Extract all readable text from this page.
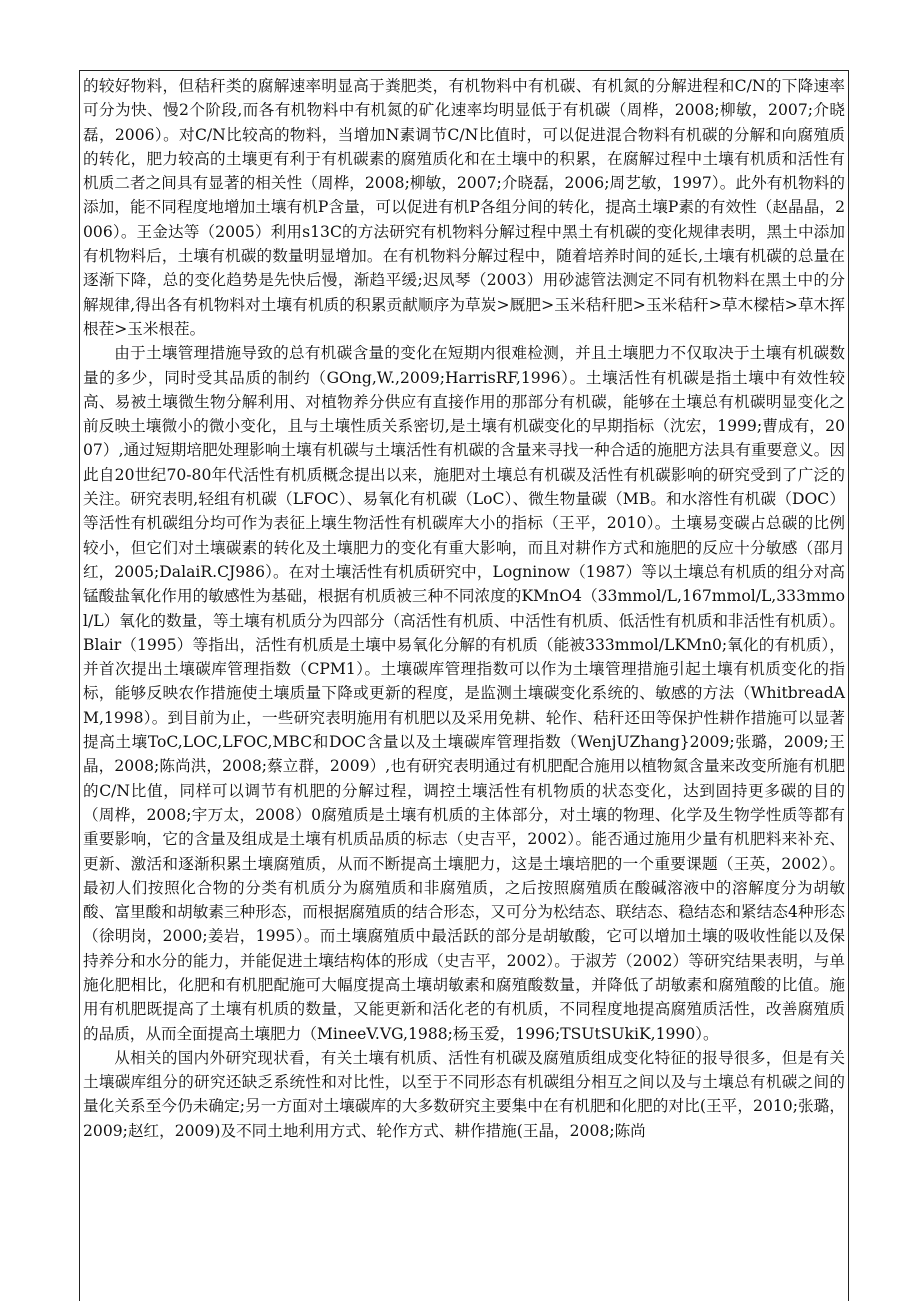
的较好物料，但秸秆类的腐解速率明显高于粪肥类，有机物料中有机碳、有机氮的分解进程和C/N的下降速率可分为快、慢2个阶段,而各有机物料中有机氮的矿化速率均明显低于有机碳（周桦，2008;柳敏，2007;介晓磊，2006）。对C/N比较高的物料，当增加N素调节C/N比值时，可以促进混合物料有机碳的分解和向腐殖质的转化，肥力较高的土壤更有利于有机碳素的腐殖质化和在土壤中的积累，在腐解过程中土壤有机质和活性有机质二者之间具有显著的相关性（周桦，2008;柳敏，2007;介晓磊，2006;周艺敏，1997）。此外有机物料的添加，能不同程度地增加土壤有机P含量，可以促进有机P各组分间的转化，提高土壤P素的有效性（赵晶晶，2006）。王金达等（2005）利用s13C的方法研究有机物料分解过程中黑土有机碳的变化规律表明，黑土中添加有机物料后，土壤有机碳的数量明显增加。在有机物料分解过程中，随着培养时间的延长,土壤有机碳的总量在逐渐下降，总的变化趋势是先快后慢，渐趋平缓;迟凤琴（2003）用砂滤管法测定不同有机物料在黑土中的分解规律,得出各有机物料对土壤有机质的积累贡献顺序为草炭>厩肥>玉米秸秆肥>玉米秸秆>草木樑桔>草木挥根茬>玉米根茬。

由于土壤管理措施导致的总有机碳含量的变化在短期内很难检测，并且土壤肥力不仅取决于土壤有机碳数量的多少，同时受其品质的制约（GOng,W.,2009;HarrisRF,1996）。土壤活性有机碳是指土壤中有效性较高、易被土壤微生物分解利用、对植物养分供应有直接作用的那部分有机碳，能够在土壤总有机碳明显变化之前反映土壤微小的微小变化，且与土壤性质关系密切,是土壤有机碳变化的早期指标（沈宏，1999;曹成有，2007）,通过短期培肥处理影响土壤有机碳与土壤活性有机碳的含量来寻找一种合适的施肥方法具有重要意义。因此自20世纪70-80年代活性有机质概念提出以来，施肥对土壤总有机碳及活性有机碳影响的研究受到了广泛的关注。研究表明,轻组有机碳（LFOC）、易氧化有机碳（LoC）、微生物量碳（MB。和水溶性有机碳（DOC）等活性有机碳组分均可作为表征上壤生物活性有机碳库大小的指标（王平，2010）。土壤易变碳占总碳的比例较小，但它们对土壤碳素的转化及土壤肥力的变化有重大影响，而且对耕作方式和施肥的反应十分敏感（邵月红，2005;DalaiR.CJ986）。在对土壤活性有机质研究中，Logninow（1987）等以土壤总有机质的组分对高锰酸盐氧化作用的敏感性为基础，根据有机质被三种不同浓度的KMnO4（33mmol∕L,167mmol∕L,333mmol∕L）氧化的数量，等土壤有机质分为四部分（高活性有机质、中活性有机质、低活性有机质和非活性有机质）。Blair（1995）等指出，活性有机质是土壤中易氧化分解的有机质（能被333mmol/LKMn0;氧化的有机质），并首次提出土壤碳库管理指数（CPM1）。土壤碳库管理指数可以作为土壤管理措施引起土壤有机质变化的指标，能够反映农作措施使土壤质量下降或更新的程度，是监测土壤碳变化系统的、敏感的方法（WhitbreadAM,1998）。到目前为止，一些研究表明施用有机肥以及采用免耕、轮作、秸秆还田等保护性耕作措施可以显著提高土壤ToC,LOC,LFOC,MBC和DOC含量以及土壤碳库管理指数（WenjUZhang}2009;张璐，2009;王晶，2008;陈尚洪，2008;蔡立群，2009）,也有研究表明通过有机肥配合施用以植物氮含量来改变所施有机肥的C/N比值，同样可以调节有机肥的分解过程，调控土壤活性有机物质的状态变化，达到固持更多碳的目的（周桦，2008;宇万太，2008）0腐殖质是土壤有机质的主体部分，对土壤的物理、化学及生物学性质等都有重要影响，它的含量及组成是土壤有机质品质的标志（史吉平，2002）。能否通过施用少量有机肥料来补充、更新、激活和逐渐积累土壤腐殖质，从而不断提高土壤肥力，这是土壤培肥的一个重要课题（王英，2002）。最初人们按照化合物的分类有机质分为腐殖质和非腐殖质，之后按照腐殖质在酸碱溶液中的溶解度分为胡敏酸、富里酸和胡敏素三种形态，而根据腐殖质的结合形态，又可分为松结态、联结态、稳结态和紧结态4种形态（徐明岗，2000;姜岩，1995）。而土壤腐殖质中最活跃的部分是胡敏酸，它可以增加土壤的吸收性能以及保持养分和水分的能力，并能促进土壤结构体的形成（史吉平，2002）。于淑芳（2002）等研究结果表明，与单施化肥相比，化肥和有机肥配施可大幅度提高土壤胡敏素和腐殖酸数量，并降低了胡敏素和腐殖酸的比值。施用有机肥既提高了土壤有机质的数量，又能更新和活化老的有机质，不同程度地提高腐殖质活性，改善腐殖质的品质，从而全面提高土壤肥力（MineeV.VG,1988;杨玉爱，1996;TSUtSUkiK,1990）。

从相关的国内外研究现状看，有关土壤有机质、活性有机碳及腐殖质组成变化特征的报导很多，但是有关土壤碳库组分的研究还缺乏系统性和对比性，以至于不同形态有机碳组分相互之间以及与土壤总有机碳之间的量化关系至今仍未确定;另一方面对土壤碳库的大多数研究主要集中在有机肥和化肥的对比(王平，2010;张璐，2009;赵红，2009)及不同土地利用方式、轮作方式、耕作措施(王晶，2008;陈尚
